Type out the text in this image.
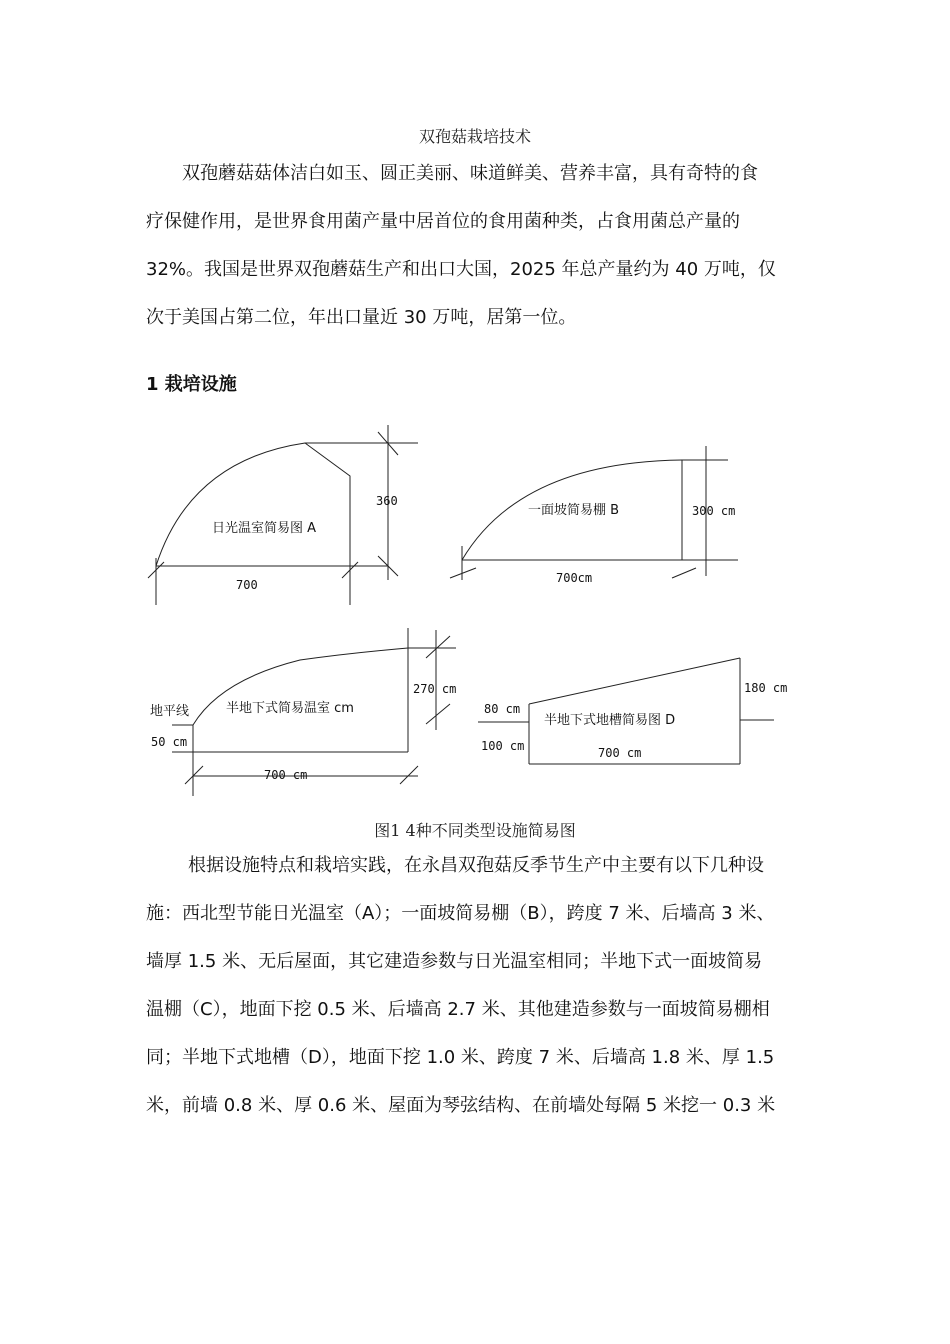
双孢菇栽培技术
双孢蘑菇菇体洁白如玉、圆正美丽、味道鲜美、营养丰富，具有奇特的食
疗保健作用，是世界食用菌产量中居首位的食用菌种类，占食用菌总产量的
32%。我国是世界双孢蘑菇生产和出口大国，2025 年总产量约为 40 万吨，仅
次于美国占第二位，年出口量近 30 万吨，居第一位。
1 栽培设施
日光温室简易图 A
360
700
一面坡简易棚 B	300 cm
700cm
半地下式简易温室 cm
地平线
50 cm
270 cm
700 cm
半地下式地槽简易图 D
80 cm
100 cm
180 cm
700 cm
图1 4种不同类型设施简易图
根据设施特点和栽培实践，在永昌双孢菇反季节生产中主要有以下几种设
施：西北型节能日光温室（A）；一面坡简易棚（B），跨度 7 米、后墙高 3 米、
墙厚 1.5 米、无后屋面，其它建造参数与日光温室相同；半地下式一面坡简易
温棚（C），地面下挖 0.5 米、后墙高 2.7 米、其他建造参数与一面坡简易棚相
同；半地下式地槽（D），地面下挖 1.0 米、跨度 7 米、后墙高 1.8 米、厚 1.5
米，前墙 0.8 米、厚 0.6 米、屋面为琴弦结构、在前墙处每隔 5 米挖一 0.3 米
